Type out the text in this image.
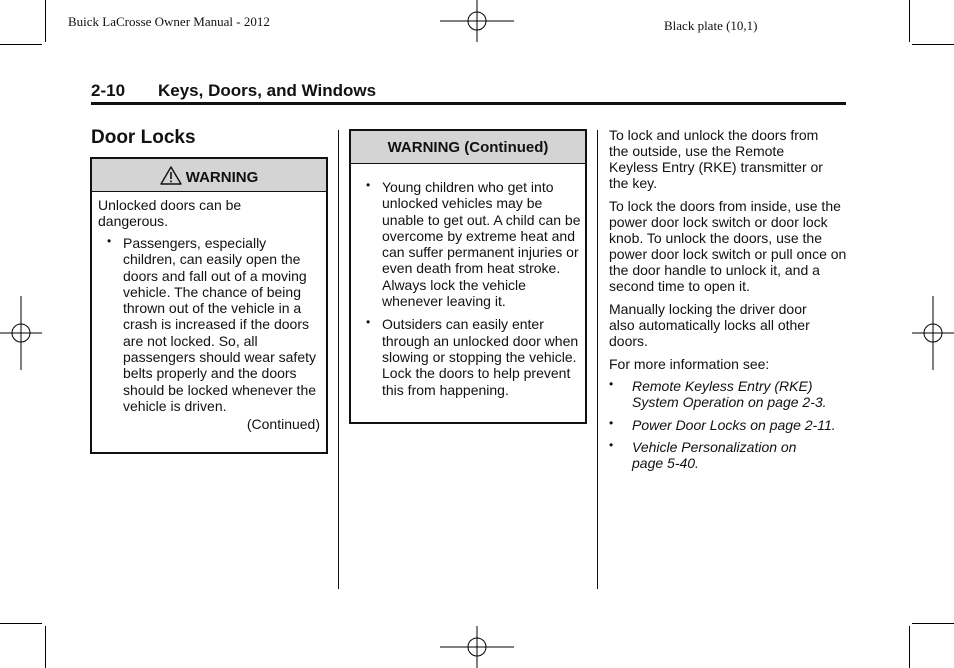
Buick LaCrosse Owner Manual - 2012	Black plate (10,1)
2-10 Keys, Doors, and Windows
Door Locks
WARNING

Unlocked doors can be dangerous.

• Passengers, especially children, can easily open the doors and fall out of a moving vehicle. The chance of being thrown out of the vehicle in a crash is increased if the doors are not locked. So, all passengers should wear safety belts properly and the doors should be locked whenever the vehicle is driven.
(Continued)
WARNING (Continued)
• Young children who get into unlocked vehicles may be unable to get out. A child can be overcome by extreme heat and can suffer permanent injuries or even death from heat stroke. Always lock the vehicle whenever leaving it.
• Outsiders can easily enter through an unlocked door when slowing or stopping the vehicle. Lock the doors to help prevent this from happening.

To lock and unlock the doors from the outside, use the Remote Keyless Entry (RKE) transmitter or the key.

To lock the doors from inside, use the power door lock switch or door lock knob. To unlock the doors, use the power door lock switch or pull once on the door handle to unlock it, and a second time to open it.

Manually locking the driver door also automatically locks all other doors.

For more information see:

• Remote Keyless Entry (RKE) System Operation on page 2-3.
• Power Door Locks on page 2-11.
• Vehicle Personalization on page 5-40.
